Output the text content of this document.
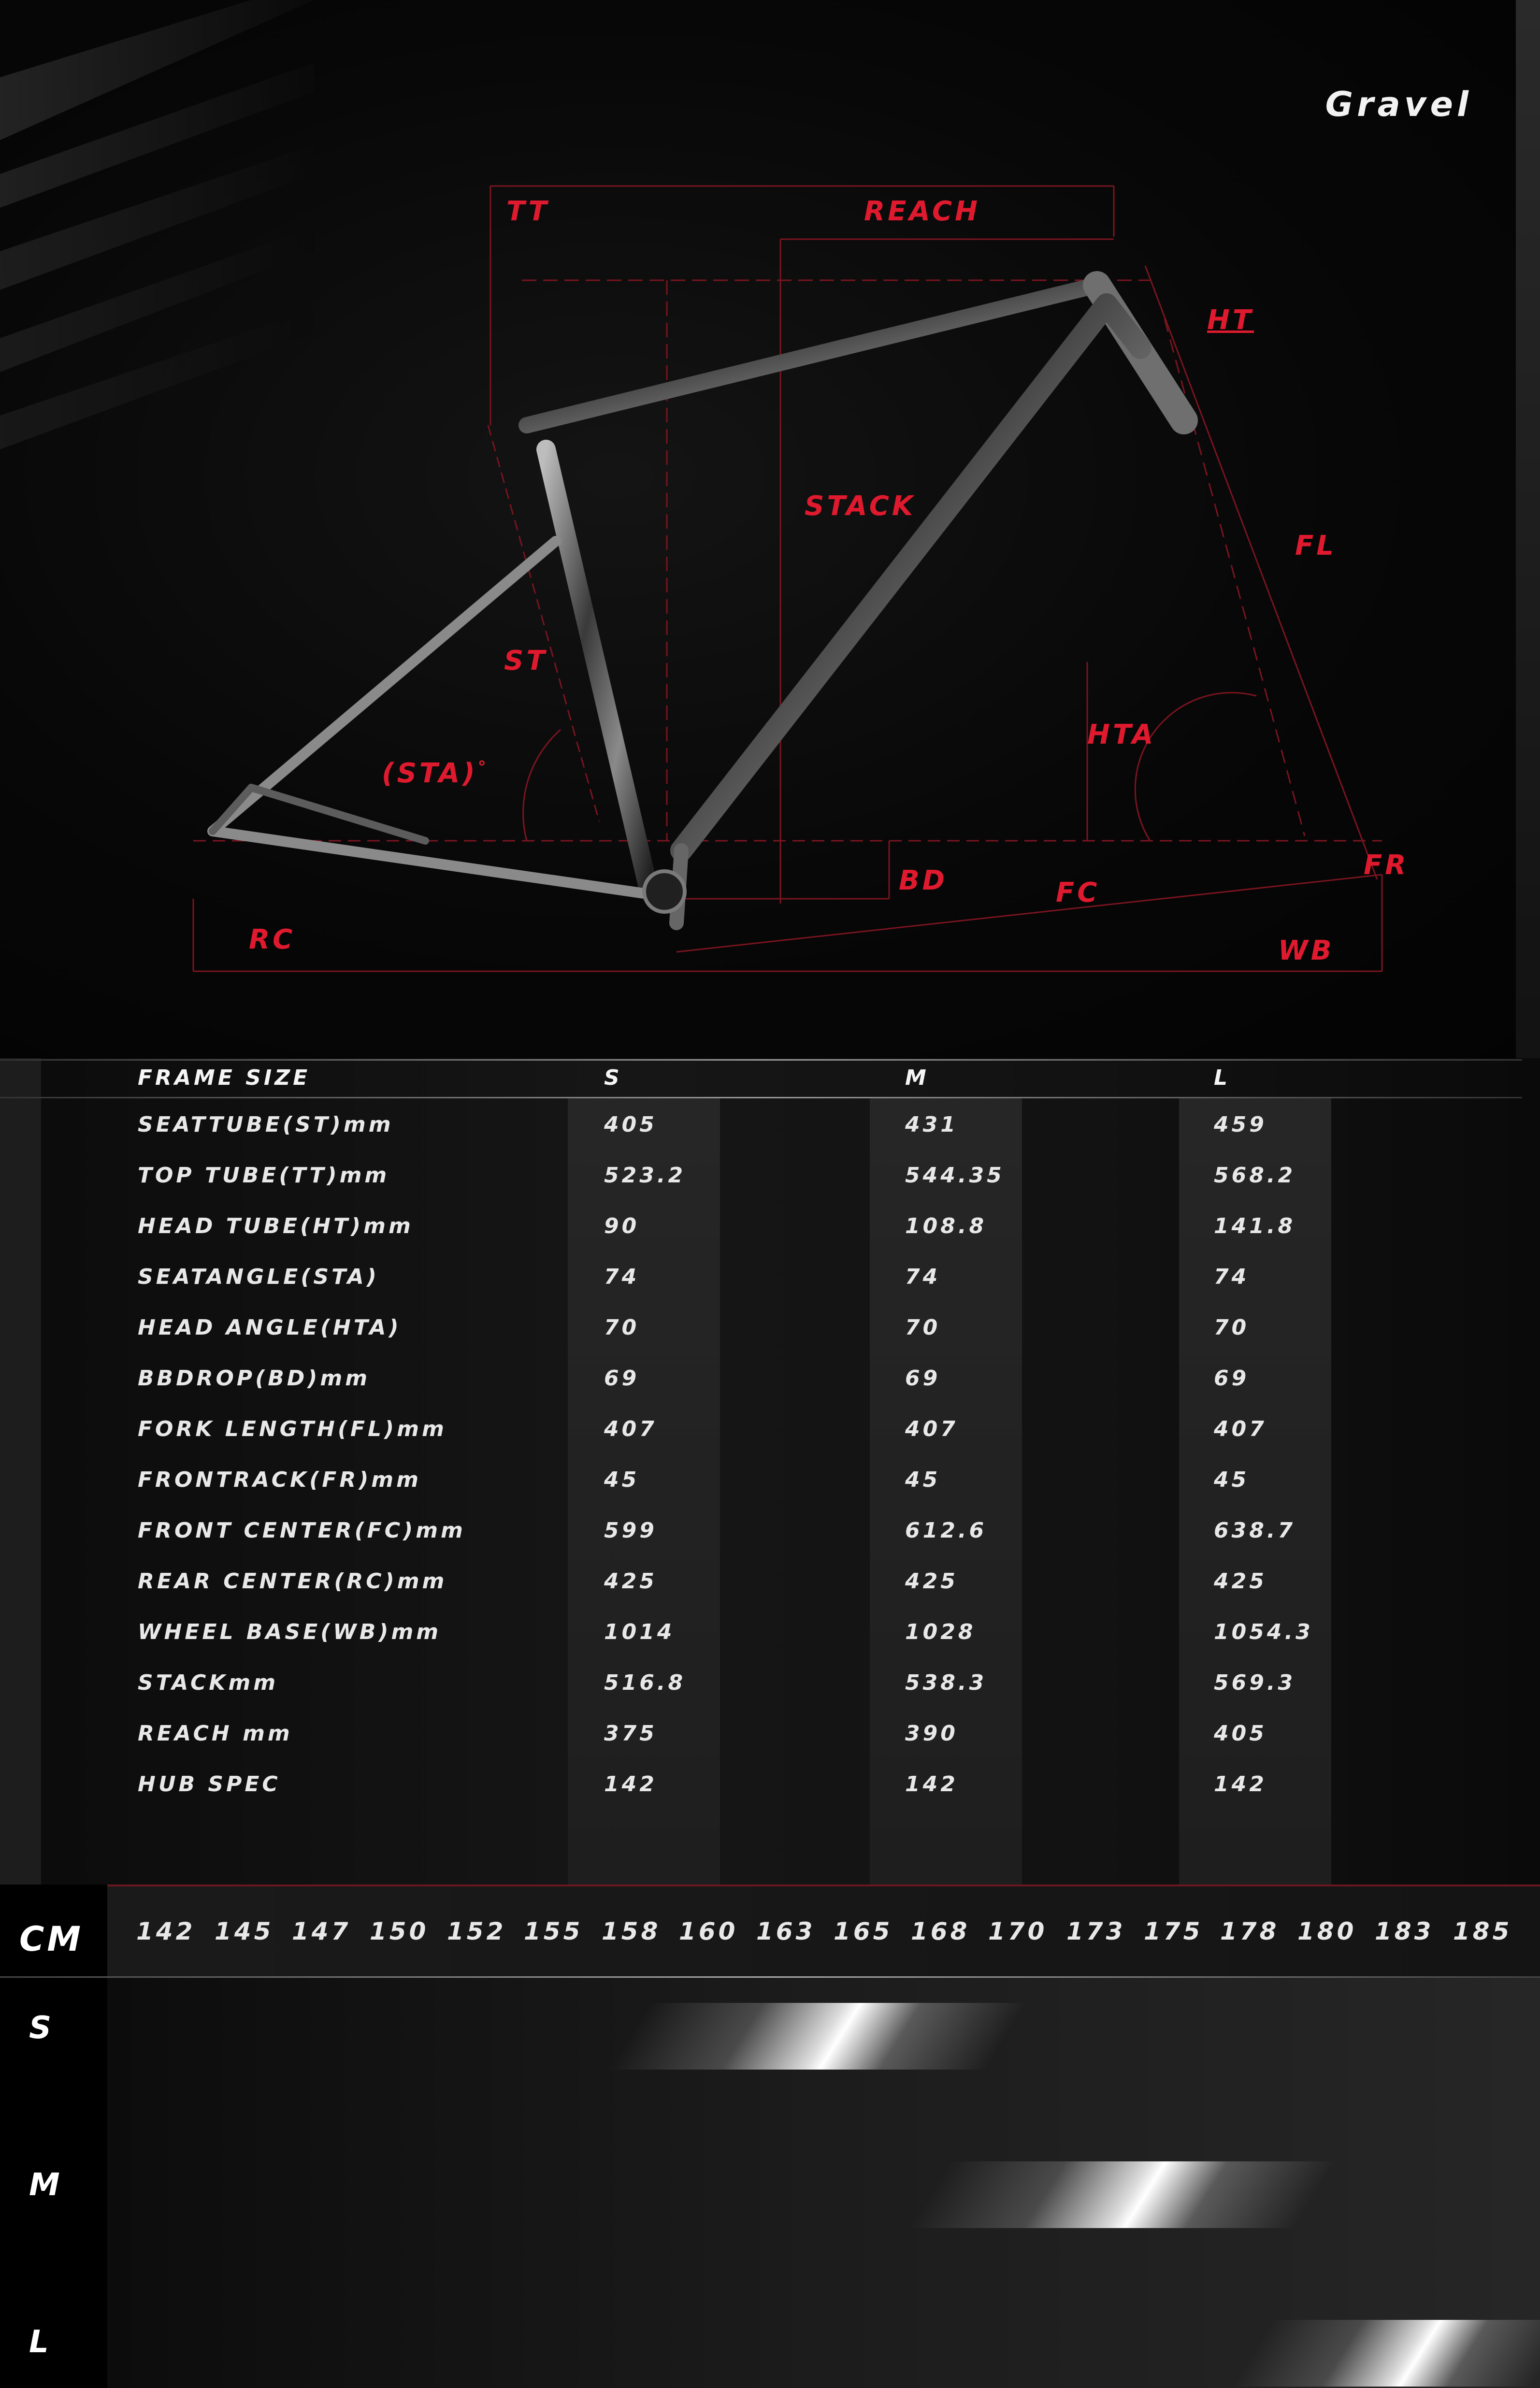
Gravel
TT	REACH
HT
STACK
FL
ST
(STA)°
HTA
BD	FC
FR
RC	WB
FRAME SIZE	S	M	L
SEATTUBE(ST)mm	405	431	459
TOP TUBE(TT)mm	523.2	544.35	568.2
HEAD TUBE(HT)mm	90	108.8	141.8
SEATANGLE(STA)	74	74	74
HEAD ANGLE(HTA)	70	70	70
BBDROP(BD)mm	69	69	69
FORK LENGTH(FL)mm	407	407	407
FRONTRACK(FR)mm	45	45	45
FRONT CENTER(FC)mm	599	612.6	638.7
REAR CENTER(RC)mm	425	425	425
WHEEL BASE(WB)mm	1014	1028	1054.3
STACKmm	516.8	538.3	569.3
REACH mm	375	390	405
HUB SPEC	142	142	142
CM
S
M
L
142 145 147 150 152 155 158 160 163 165 168 170 173 175 178 180 183 185
